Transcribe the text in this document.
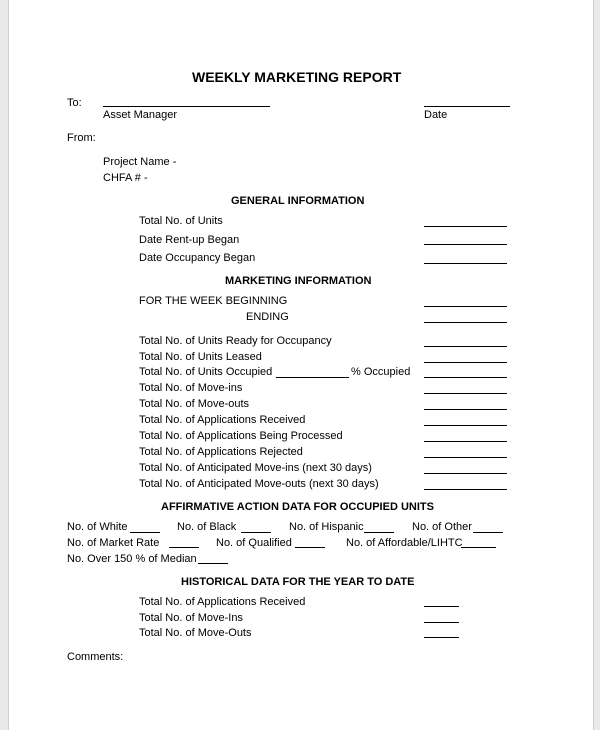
WEEKLY MARKETING REPORT
To:
Asset Manager	Date
From:
Project Name -
CHFA # -
GENERAL INFORMATION
Total No. of Units
Date Rent-up Began
Date Occupancy Began
MARKETING INFORMATION
FOR THE WEEK BEGINNING
ENDING
Total No. of Units Ready for Occupancy
Total No. of Units Leased
Total No. of Units Occupied	% Occupied
Total No. of Move-ins
Total No. of Move-outs
Total No. of Applications Received
Total No. of Applications Being Processed
Total No. of Applications Rejected
Total No. of Anticipated Move-ins (next 30 days)
Total No. of Anticipated Move-outs (next 30 days)
AFFIRMATIVE ACTION DATA FOR OCCUPIED UNITS
No. of White	No. of Black	No. of Hispanic	No. of Other
No. of Market Rate	No. of Qualified	No. of Affordable/LIHTC
No. Over 150 % of Median
HISTORICAL DATA FOR THE YEAR TO DATE
Total No. of Applications Received
Total No. of Move-Ins
Total No. of Move-Outs
Comments:
